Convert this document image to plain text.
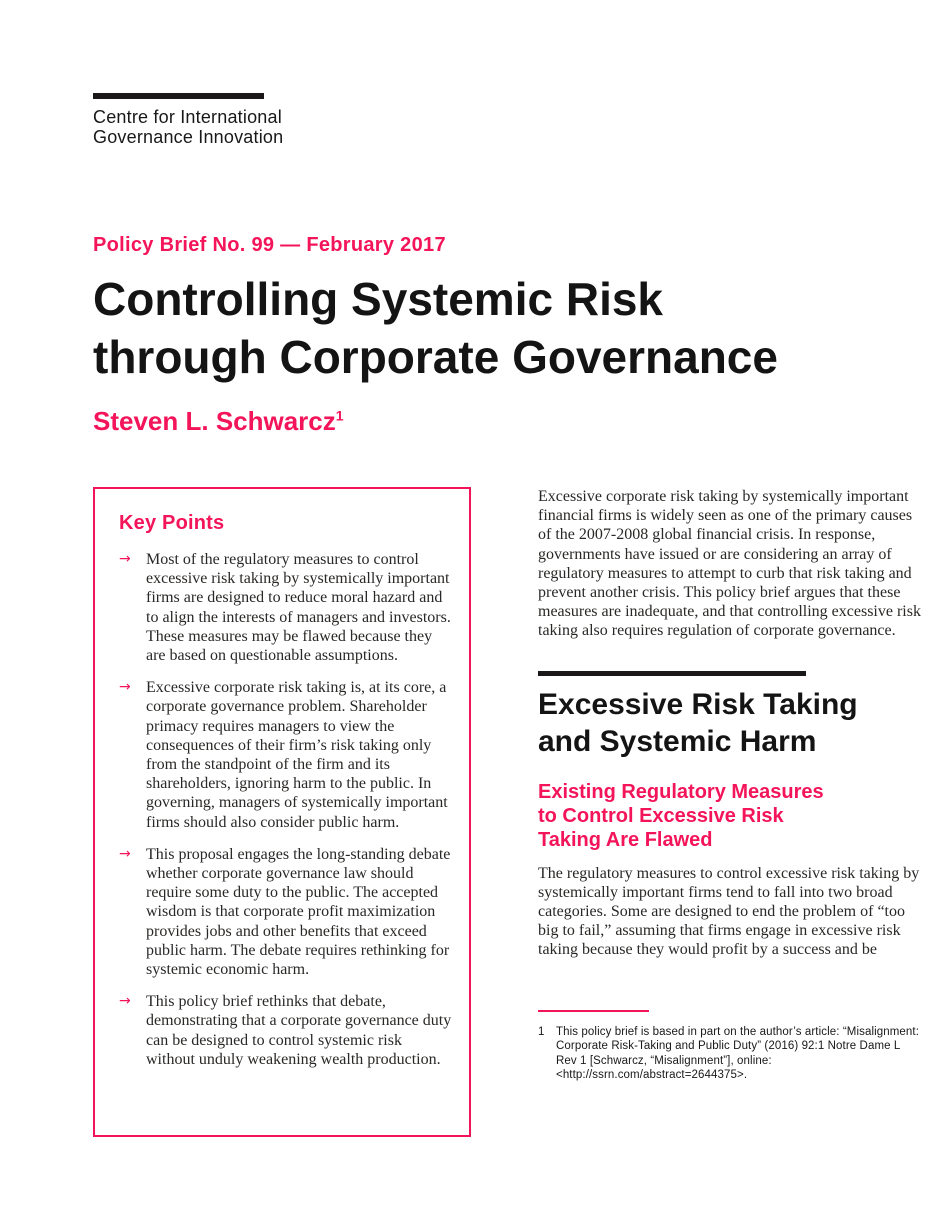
Centre for International
Governance Innovation
Policy Brief No. 99 — February 2017
Controlling Systemic Risk
through Corporate Governance
Steven L. Schwarcz$^1$
Key Points
→ Most of the regulatory measures to control excessive risk taking by systemically important firms are designed to reduce moral hazard and to align the interests of managers and investors. These measures may be flawed because they are based on questionable assumptions.
→ Excessive corporate risk taking is, at its core, a corporate governance problem. Shareholder primacy requires managers to view the consequences of their firm’s risk taking only from the standpoint of the firm and its shareholders, ignoring harm to the public. In governing, managers of systemically important firms should also consider public harm.
→ This proposal engages the long-standing debate whether corporate governance law should require some duty to the public. The accepted wisdom is that corporate profit maximization provides jobs and other benefits that exceed public harm. The debate requires rethinking for systemic economic harm.
→ This policy brief rethinks that debate, demonstrating that a corporate governance duty can be designed to control systemic risk without unduly weakening wealth production.

Excessive corporate risk taking by systemically important financial firms is widely seen as one of the primary causes of the 2007-2008 global financial crisis. In response, governments have issued or are considering an array of regulatory measures to attempt to curb that risk taking and prevent another crisis. This policy brief argues that these measures are inadequate, and that controlling excessive risk taking also requires regulation of corporate governance.

Excessive Risk Taking
and Systemic Harm
Existing Regulatory Measures
to Control Excessive Risk
Taking Are Flawed

The regulatory measures to control excessive risk taking by systemically important firms tend to fall into two broad categories. Some are designed to end the problem of “too big to fail,” assuming that firms engage in excessive risk taking because they would profit by a success and be

1	This policy brief is based in part on the author’s article: “Misalignment: Corporate Risk-Taking and Public Duty” (2016) 92:1 Notre Dame L Rev 1 [Schwarcz, “Misalignment”], online: <http://ssrn.com/abstract=2644375>.
